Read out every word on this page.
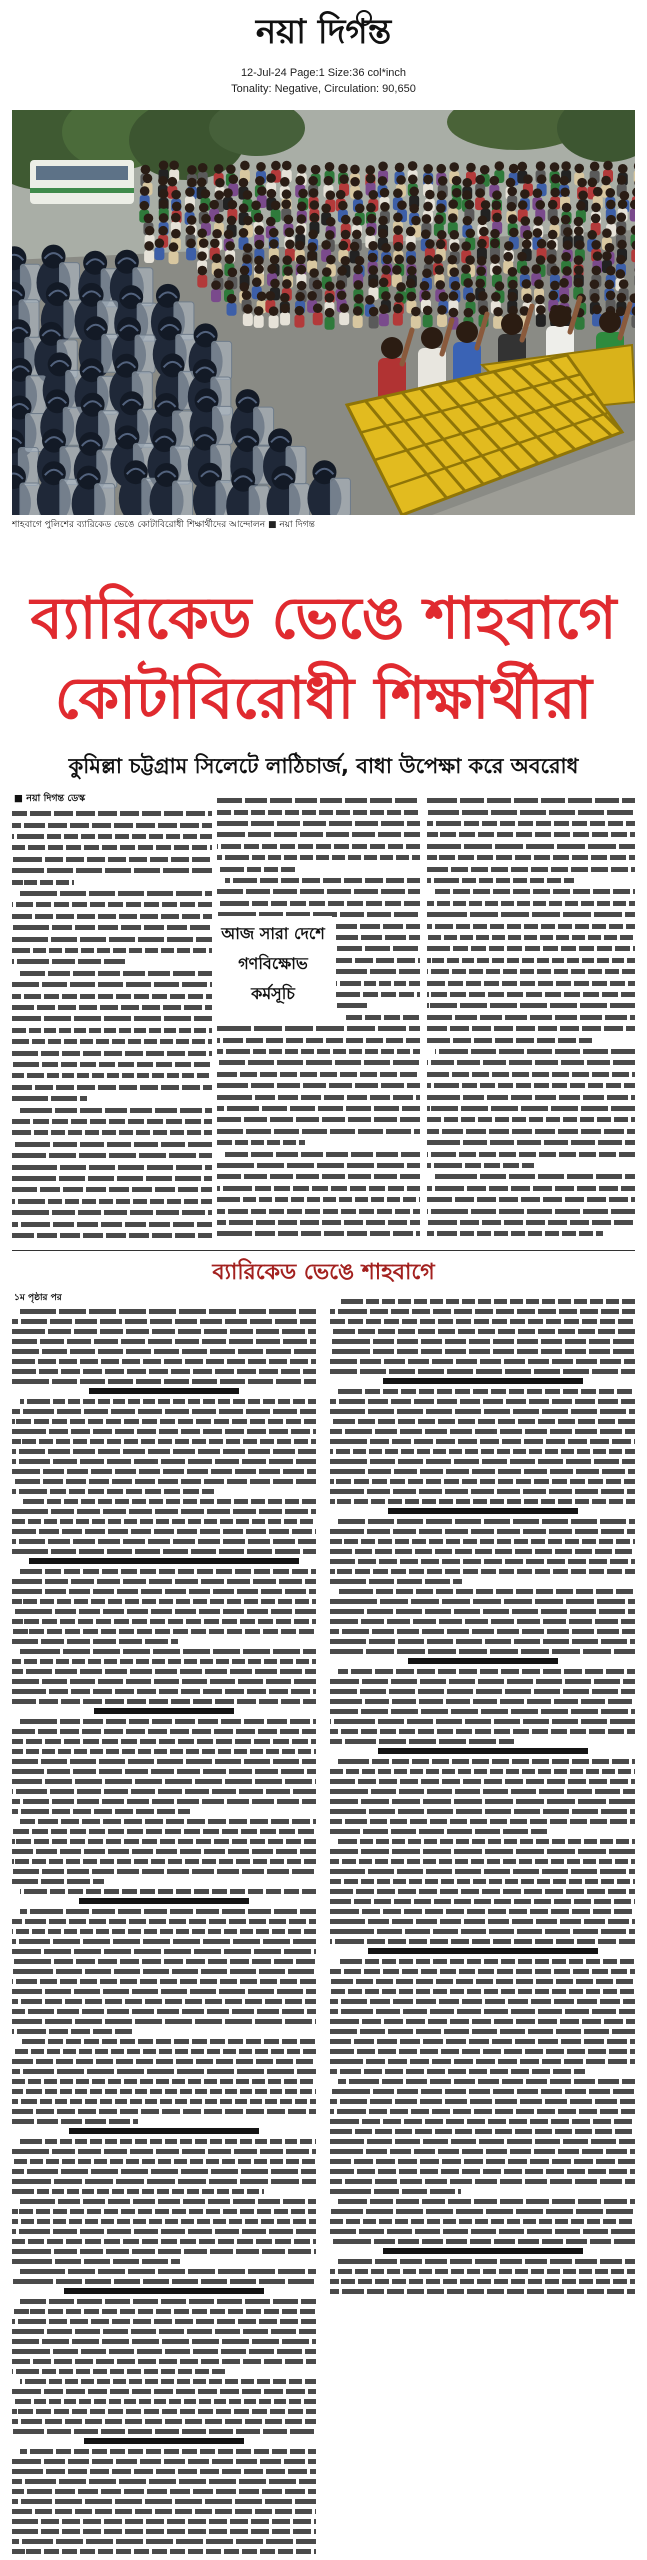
নয়া দিগন্ত
12-Jul-24 Page:1 Size:36 col*inch
Tonality: Negative, Circulation: 90,650
শাহবাগে পুলিশের ব্যারিকেড ভেঙে কোটাবিরোধী শিক্ষার্থীদের আন্দোলন ■ নয়া দিগন্ত
ব্যারিকেড ভেঙে শাহবাগে
কোটাবিরোধী শিক্ষার্থীরা
কুমিল্লা চট্টগ্রাম সিলেটে লাঠিচার্জ, বাধা উপেক্ষা করে অবরোধ
■ নয়া দিগন্ত ডেস্ক
আজ সারা দেশে
গণবিক্ষোভ
কর্মসূচি
ব্যারিকেড ভেঙে শাহবাগে
১ম পৃষ্ঠার পর
